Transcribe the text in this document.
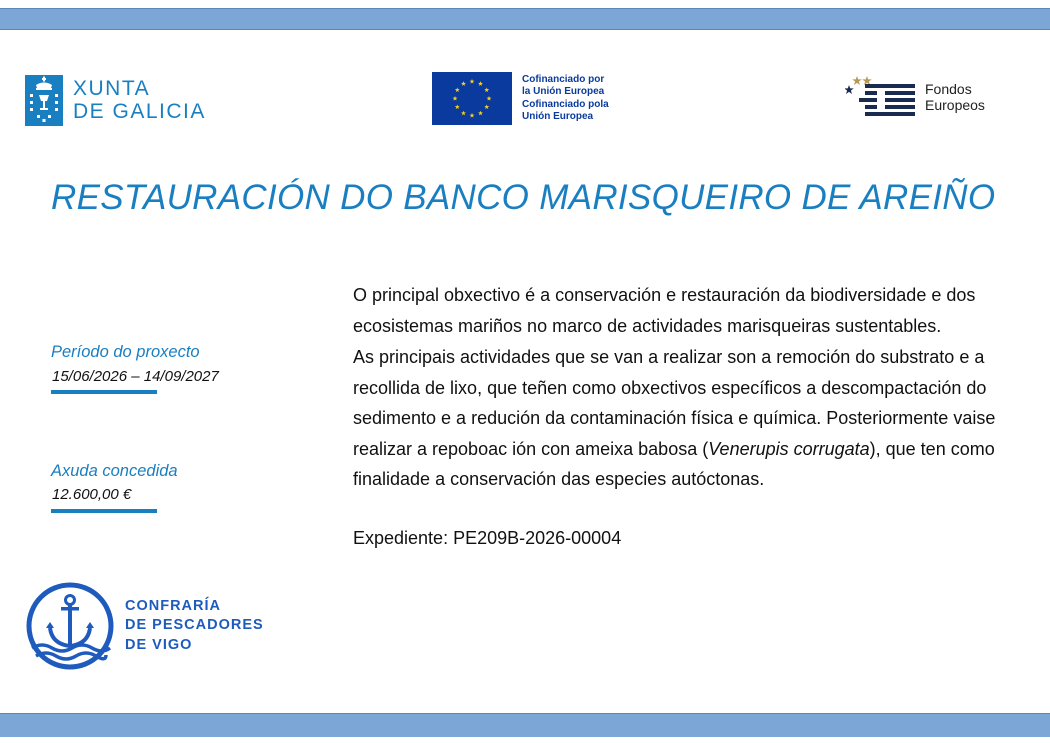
XUNTA
DE GALICIA
Cofinanciado por
la Unión Europea
Cofinanciado pola
Unión Europea
Fondos
Europeos
RESTAURACIÓN DO BANCO MARISQUEIRO DE AREIÑO
Período do proxecto
15/06/2026 – 14/09/2027
Axuda concedida
12.600,00 €

O principal obxectivo é a conservación e restauración da biodiversidade e dos ecosistemas mariños no marco de actividades marisqueiras sustentables.

As principais actividades que se van a realizar son a remoción do substrato e a recollida de lixo, que teñen como obxectivos específicos a descompactación do sedimento e a redución da contaminación física e química. Posteriormente vaise realizar a repoboac ión con ameixa babosa (Venerupis corrugata), que ten como finalidade a conservación das especies autóctonas.

Expediente: PE209B-2026-00004
CONFRARÍA
DE PESCADORES
DE VIGO
